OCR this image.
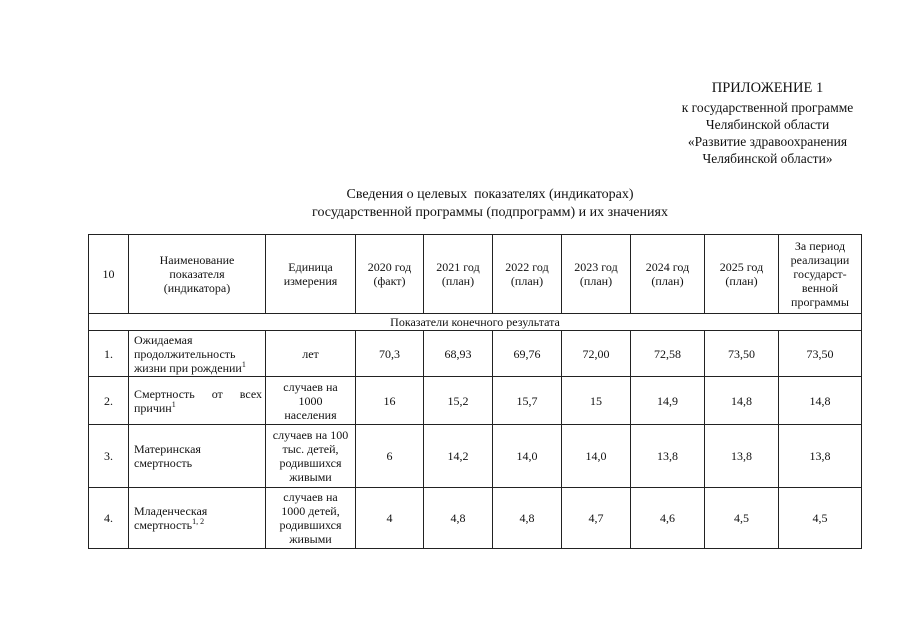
ПРИЛОЖЕНИЕ 1
к государственной программе
Челябинской области
«Развитие здравоохранения
Челябинской области»
Сведения о целевых  показателях (индикаторах)
государственной программы (подпрограмм) и их значениях
10	Наименование показателя (индикатора)	Единица измерения	2020 год (факт)	2021 год (план)	2022 год (план)	2023 год (план)	2024 год (план)	2025 год (план)	За период реализации государст-венной программы
Показатели конечного результата									
1.	Ожидаемая продолжительность жизни при рождении$^1$	лет	70,3	68,93	69,76	72,00	72,58	73,50	73,50
2.	Смертность от всех причин$^1$	случаев на 1000 населения	16	15,2	15,7	15	14,9	14,8	14,8
3.	Материнская смертность	случаев на 100 тыс. детей, родившихся живыми	6	14,2	14,0	14,0	13,8	13,8	13,8
4.	Младенческая смертность$^{1, 2}$	случаев на 1000 детей, родившихся живыми	4	4,8	4,8	4,7	4,6	4,5	4,5
